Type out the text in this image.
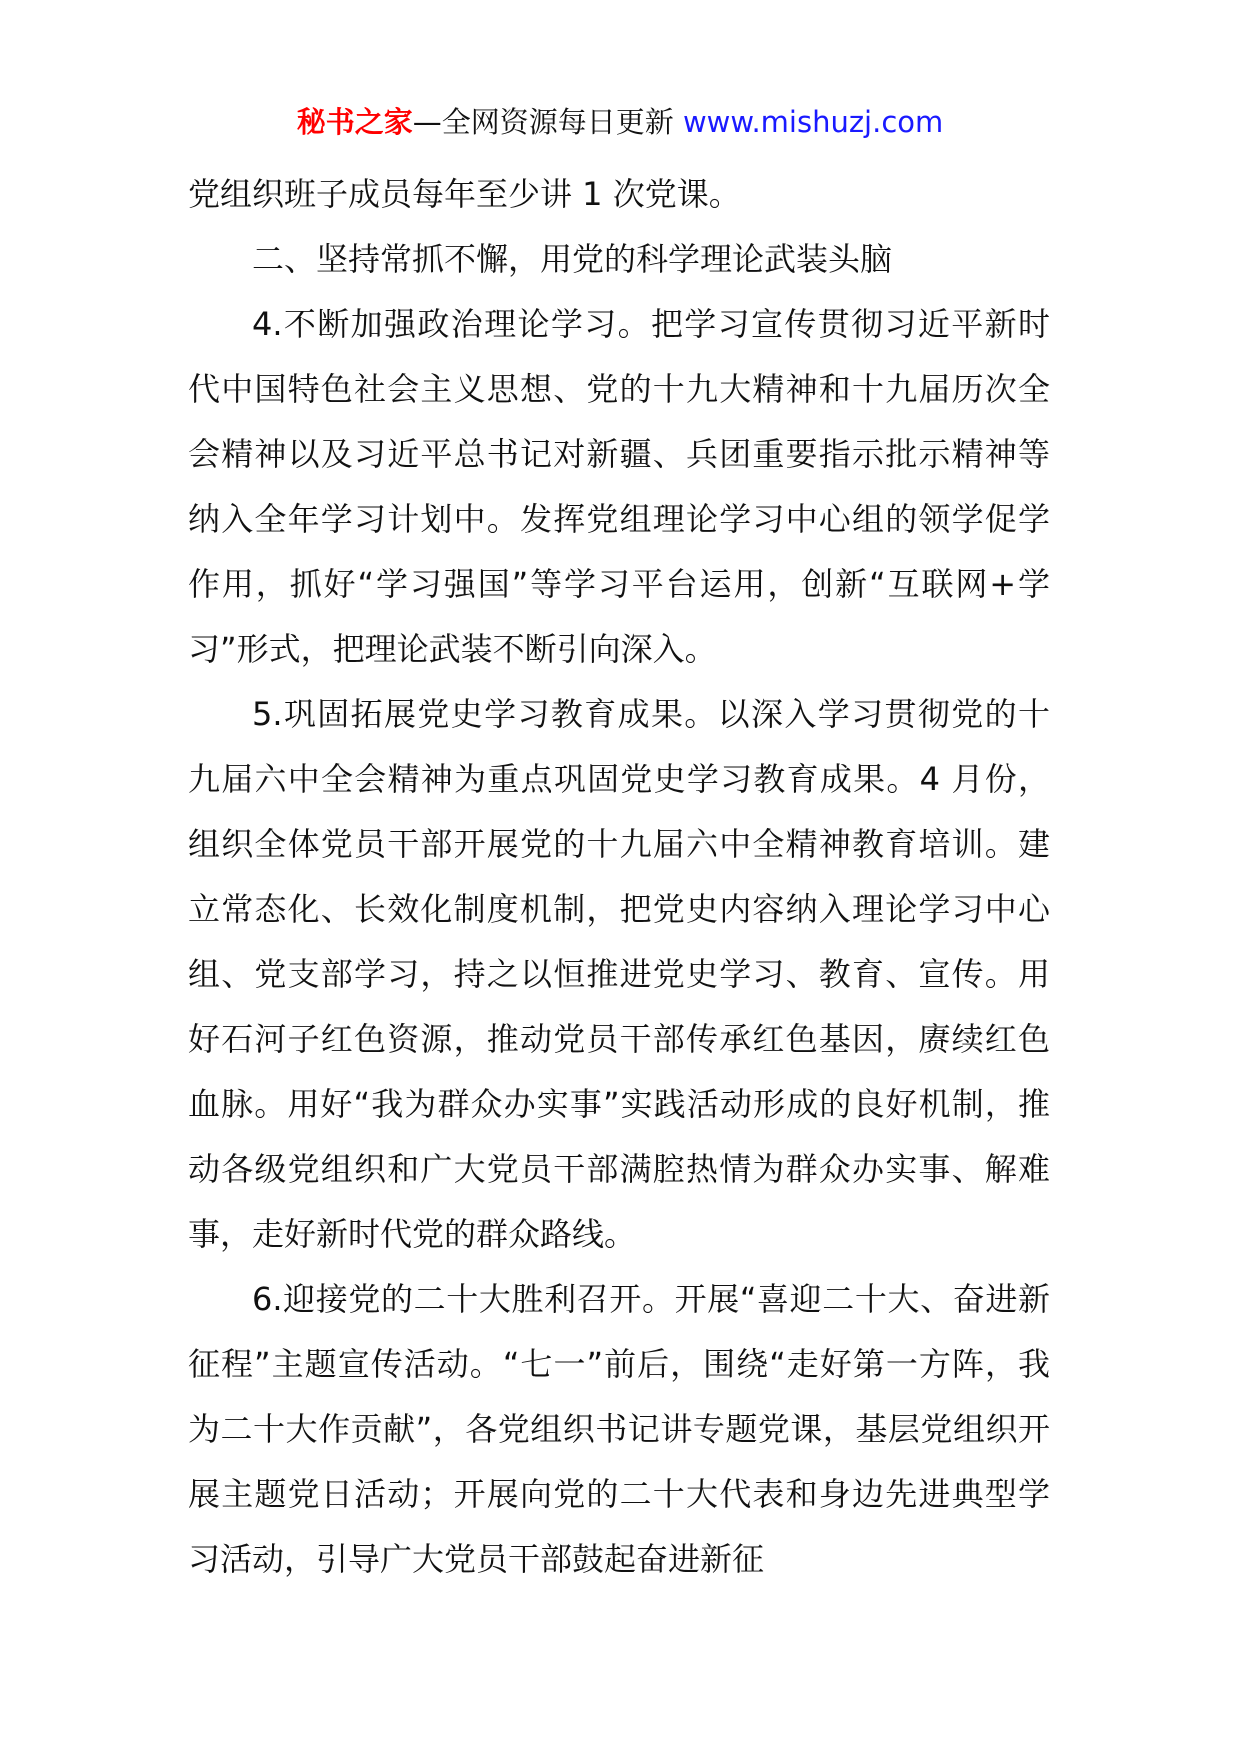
秘书之家—全网资源每日更新 www.mishuzj.com

党组织班子成员每年至少讲 1 次党课。

二、坚持常抓不懈，用党的科学理论武装头脑

4.不断加强政治理论学习。把学习宣传贯彻习近平新时代中国特色社会主义思想、党的十九大精神和十九届历次全会精神以及习近平总书记对新疆、兵团重要指示批示精神等纳入全年学习计划中。发挥党组理论学习中心组的领学促学作用，抓好“学习强国”等学习平台运用，创新“互联网+学习”形式，把理论武装不断引向深入。

5.巩固拓展党史学习教育成果。以深入学习贯彻党的十九届六中全会精神为重点巩固党史学习教育成果。4 月份，组织全体党员干部开展党的十九届六中全精神教育培训。建立常态化、长效化制度机制，把党史内容纳入理论学习中心组、党支部学习，持之以恒推进党史学习、教育、宣传。用好石河子红色资源，推动党员干部传承红色基因，赓续红色血脉。用好“我为群众办实事”实践活动形成的良好机制，推动各级党组织和广大党员干部满腔热情为群众办实事、解难事，走好新时代党的群众路线。

6.迎接党的二十大胜利召开。开展“喜迎二十大、奋进新征程”主题宣传活动。“七一”前后，围绕“走好第一方阵，我为二十大作贡献”，各党组织书记讲专题党课，基层党组织开展主题党日活动；开展向党的二十大代表和身边先进典型学习活动，引导广大党员干部鼓起奋进新征
